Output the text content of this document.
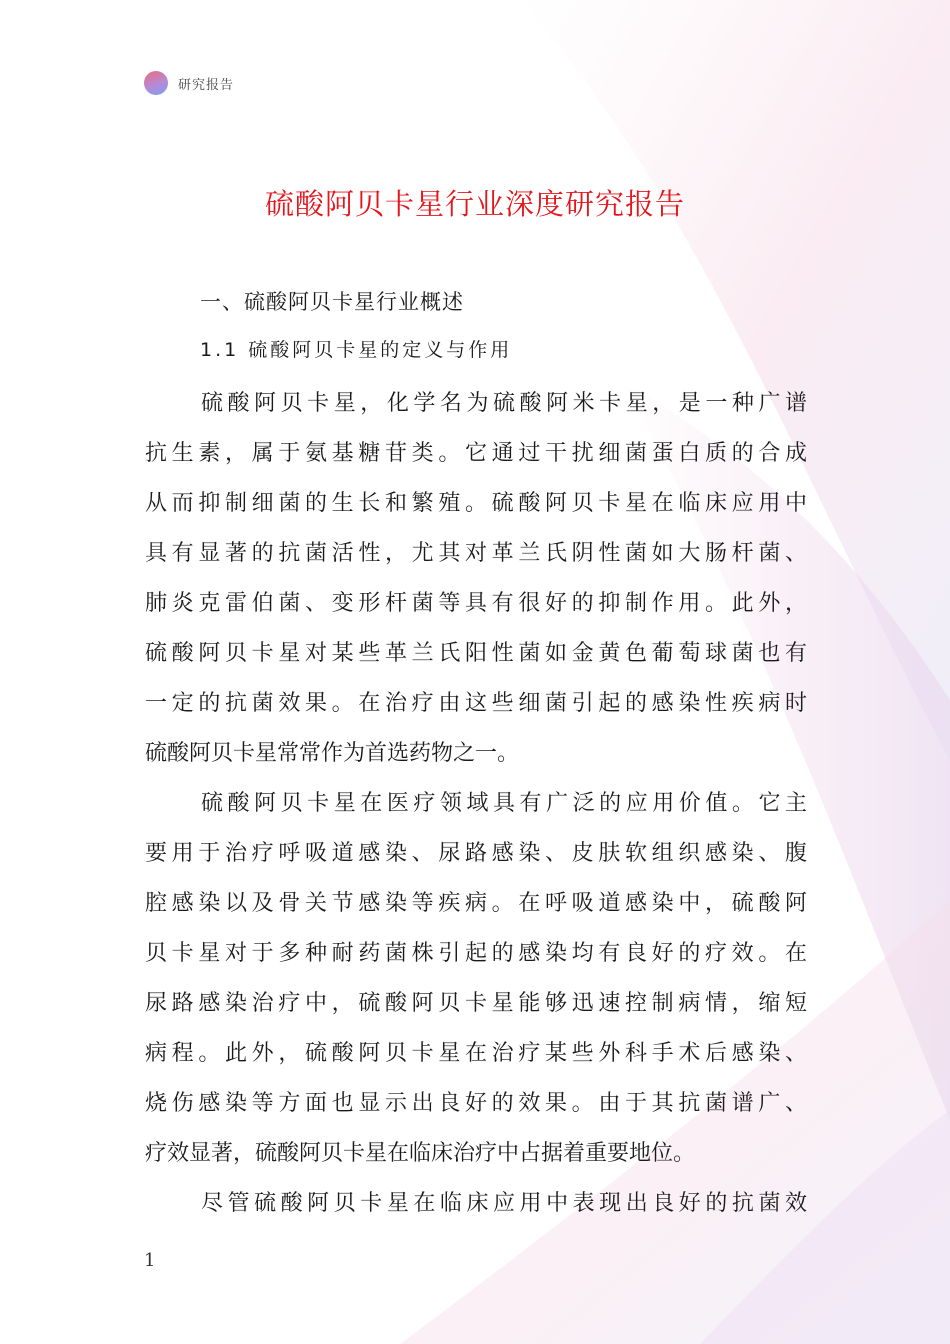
研究报告
硫酸阿贝卡星行业深度研究报告
一、硫酸阿贝卡星行业概述
1.1 硫酸阿贝卡星的定义与作用
硫酸阿贝卡星，化学名为硫酸阿米卡星，是一种广谱
抗生素，属于氨基糖苷类。它通过干扰细菌蛋白质的合成
从而抑制细菌的生长和繁殖。硫酸阿贝卡星在临床应用中
具有显著的抗菌活性，尤其对革兰氏阴性菌如大肠杆菌、
肺炎克雷伯菌、变形杆菌等具有很好的抑制作用。此外，
硫酸阿贝卡星对某些革兰氏阳性菌如金黄色葡萄球菌也有
一定的抗菌效果。在治疗由这些细菌引起的感染性疾病时
硫酸阿贝卡星常常作为首选药物之一。
硫酸阿贝卡星在医疗领域具有广泛的应用价值。它主
要用于治疗呼吸道感染、尿路感染、皮肤软组织感染、腹
腔感染以及骨关节感染等疾病。在呼吸道感染中，硫酸阿
贝卡星对于多种耐药菌株引起的感染均有良好的疗效。在
尿路感染治疗中，硫酸阿贝卡星能够迅速控制病情，缩短
病程。此外，硫酸阿贝卡星在治疗某些外科手术后感染、
烧伤感染等方面也显示出良好的效果。由于其抗菌谱广、
疗效显著，硫酸阿贝卡星在临床治疗中占据着重要地位。
尽管硫酸阿贝卡星在临床应用中表现出良好的抗菌效
1
